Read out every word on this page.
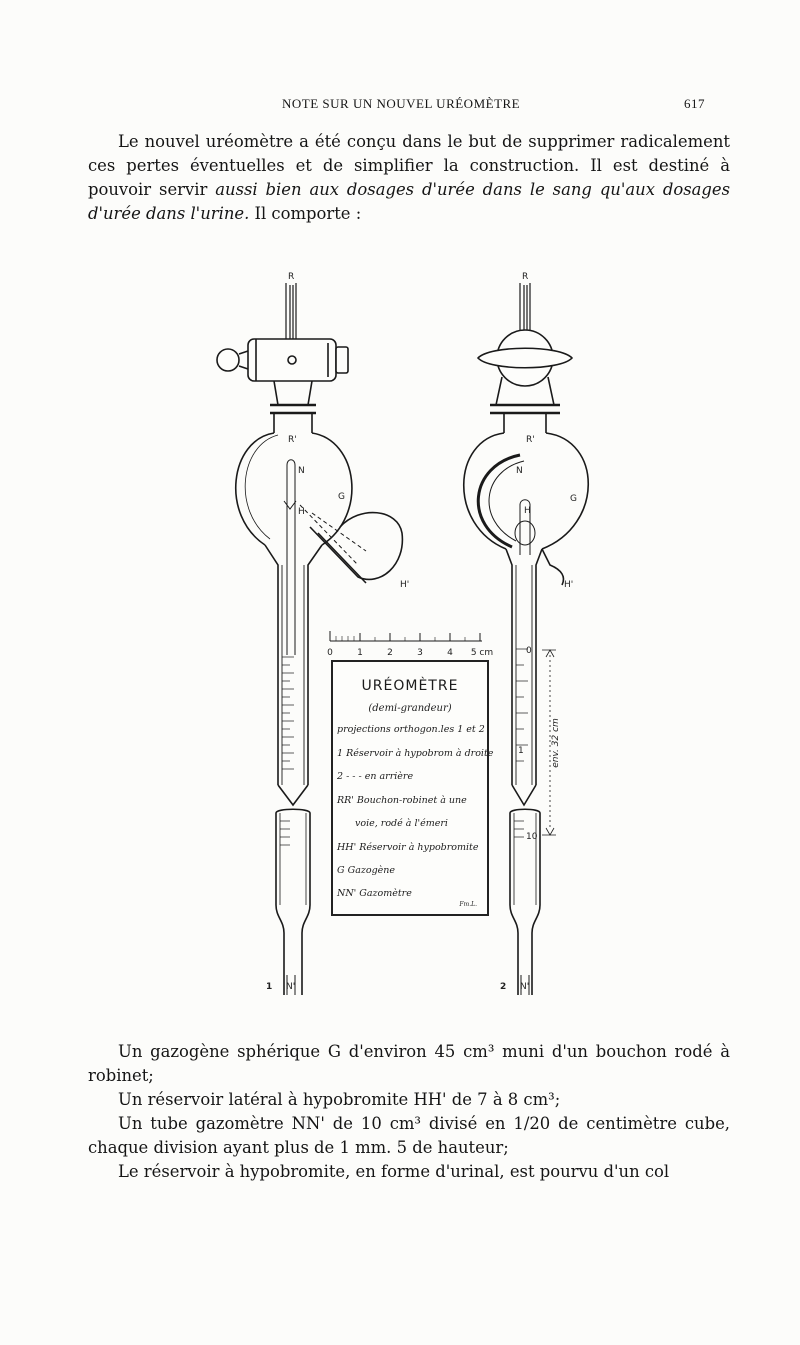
NOTE SUR UN NOUVEL URÉOMÈTRE	617

Le nouvel uréomètre a été conçu dans le but de supprimer radicalement ces pertes éventuelles et de simplifier la construction. Il est destiné à pouvoir servir aussi bien aux dosages d'urée dans le sang qu'aux dosages d'urée dans l'urine. Il comporte :

0	1	2	3	4 5 cm
R
R'
N
H
G
H'
1 N'
R
R'
N
H
G
H'
0
1
10
2 N'
env. 32 cm
URÉOMÈTRE
(demi-grandeur)
projections orthogon.les 1 et 2
1 Réservoir à hypobrom à droite
2 - - - en arrière
RR' Bouchon-robinet à une
voie, rodé à l'émeri
HH' Réservoir à hypobromite
G Gazogène
NN' Gazomètre
Fm.L.

Un gazogène sphérique G d'environ 45 cm³ muni d'un bouchon rodé à robinet;

Un réservoir latéral à hypobromite HH' de 7 à 8 cm³;

Un tube gazomètre NN' de 10 cm³ divisé en 1/20 de centimètre cube, chaque division ayant plus de 1 mm. 5 de hauteur;

Le réservoir à hypobromite, en forme d'urinal, est pourvu d'un col
